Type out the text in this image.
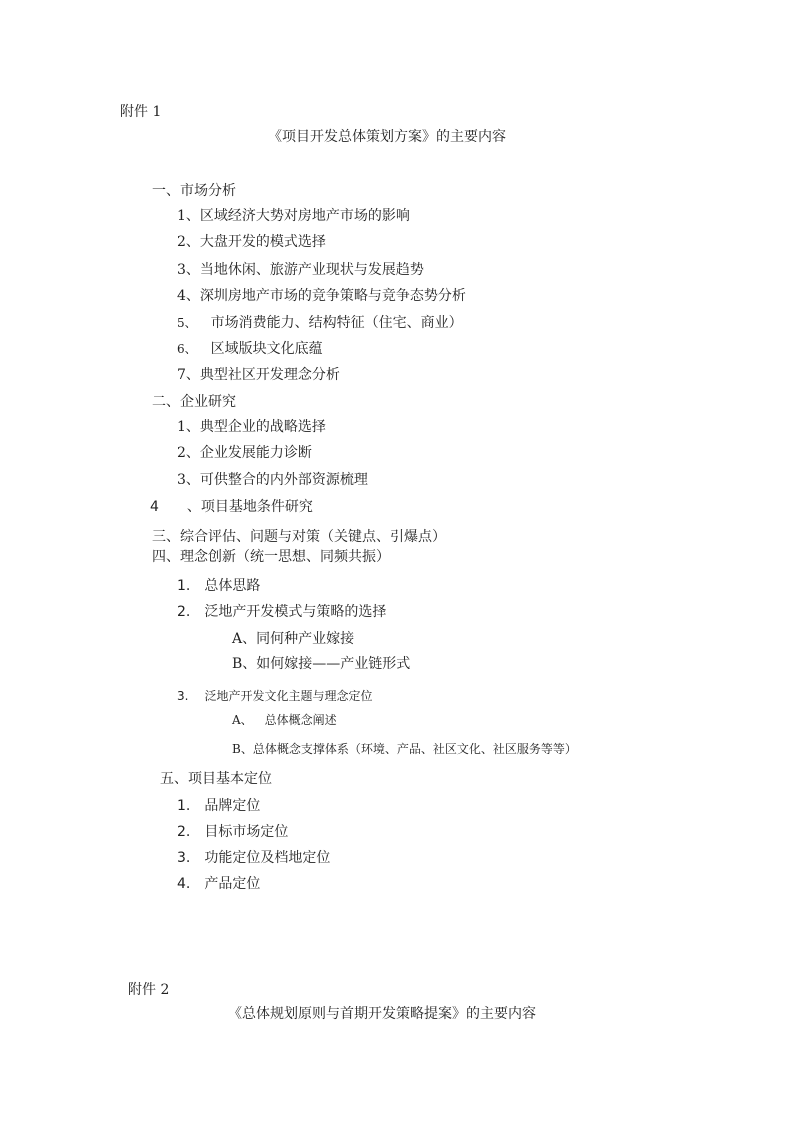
附件 1
《项目开发总体策划方案》的主要内容
一、市场分析
1、区域经济大势对房地产市场的影响
2、大盘开发的模式选择
3、当地休闲、旅游产业现状与发展趋势
4、深圳房地产市场的竞争策略与竞争态势分析
5、 市场消费能力、结构特征（住宅、商业）
6、 区域版块文化底蕴
7、典型社区开发理念分析
二、企业研究
1、典型企业的战略选择
2、企业发展能力诊断
3、可供整合的内外部资源梳理
4 、项目基地条件研究
三、综合评估、问题与对策（关键点、引爆点）
四、理念创新（统一思想、同频共振）
1. 总体思路
2. 泛地产开发模式与策略的选择
A、同何种产业嫁接
B、如何嫁接——产业链形式
3. 泛地产开发文化主题与理念定位
A、 总体概念阐述
B、总体概念支撑体系（环境、产品、社区文化、社区服务等等）
五、项目基本定位
1. 品牌定位
2. 目标市场定位
3. 功能定位及档地定位
4. 产品定位
附件 2
《总体规划原则与首期开发策略提案》的主要内容
